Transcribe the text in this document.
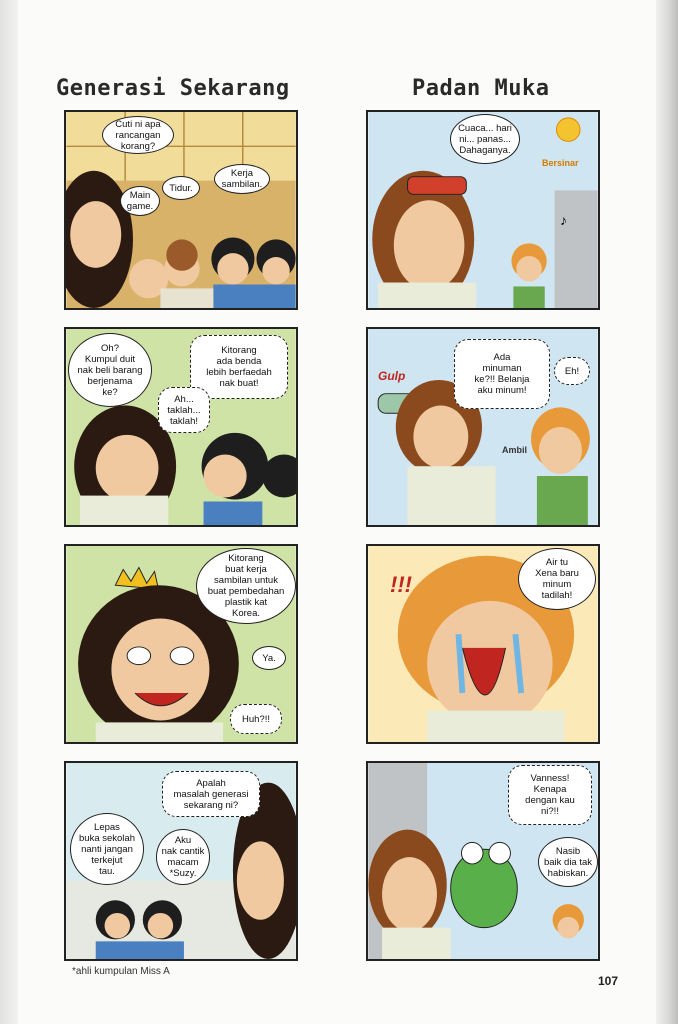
Generasi Sekarang	Padan Muka
Cuti ni apa
rancangan
korang?
Main
game.
Tidur.
Kerja
sambilan.
Oh?
Kumpul duit
nak beli barang
berjenama
ke?
Kitorang
ada benda
lebih berfaedah
nak buat!
Ah...
taklah...
taklah!
Kitorang
buat kerja
sambilan untuk
buat pembedahan
plastik kat
Korea.
Ya.
Huh?!!
Apalah
masalah generasi
sekarang ni?
Lepas
buka sekolah
nanti jangan
terkejut
tau.
Aku
nak cantik
macam
*Suzy.
Cuaca... hari
ni... panas...
Dahaganya.
Bersinar
♪
Ada
minuman
ke?!! Belanja
aku minum!
Eh!
Gulp
Ambil
Air tu
Xena baru
minum
tadilah!
!!!
Vanness!
Kenapa
dengan kau
ni?!!
Nasib
baik dia tak
habiskan.
*ahli kumpulan Miss A
107
